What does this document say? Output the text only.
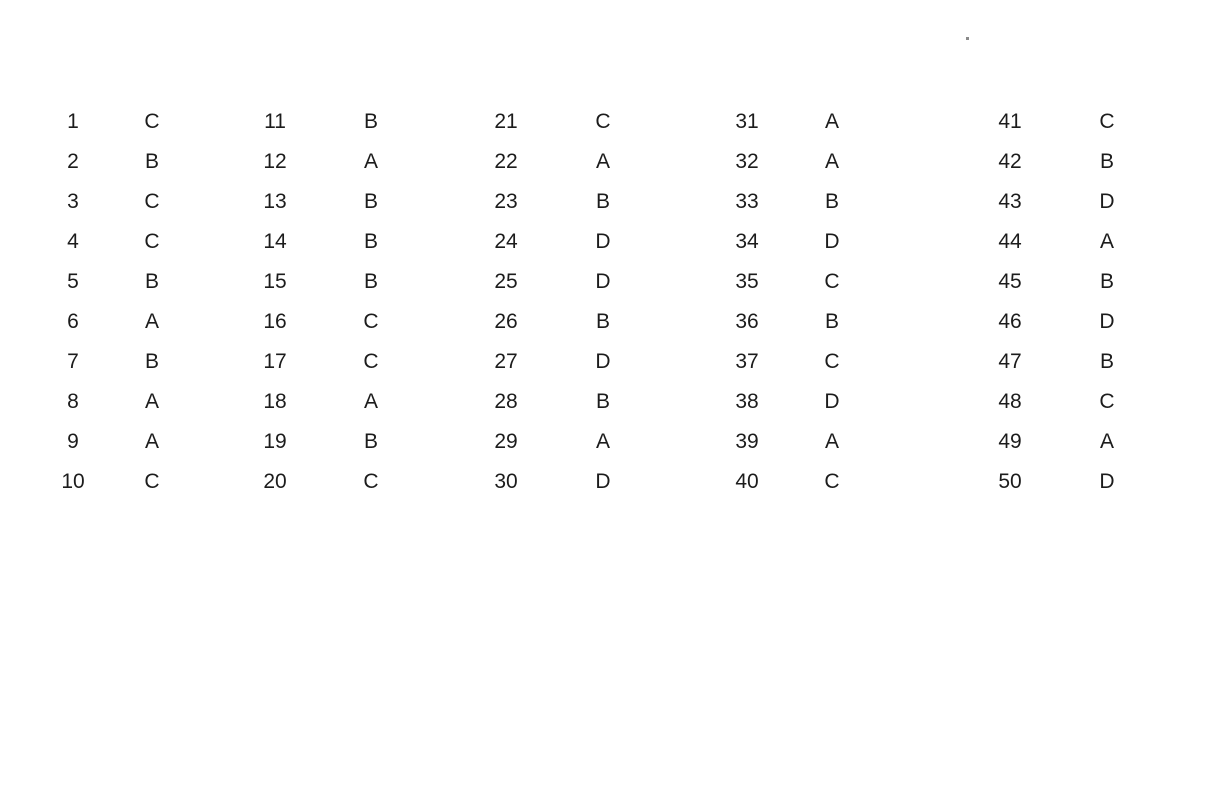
1	C
2	B
3	C
4	C
5	B
6	A
7	B
8	A
9	A
10	C
11	B
12	A
13	B
14	B
15	B
16	C
17	C
18	A
19	B
20	C
21	C
22	A
23	B
24	D
25	D
26	B
27	D
28	B
29	A
30	D
31	A
32	A
33	B
34	D
35	C
36	B
37	C
38	D
39	A
40	C
41	C
42	B
43	D
44	A
45	B
46	D
47	B
48	C
49	A
50	D
